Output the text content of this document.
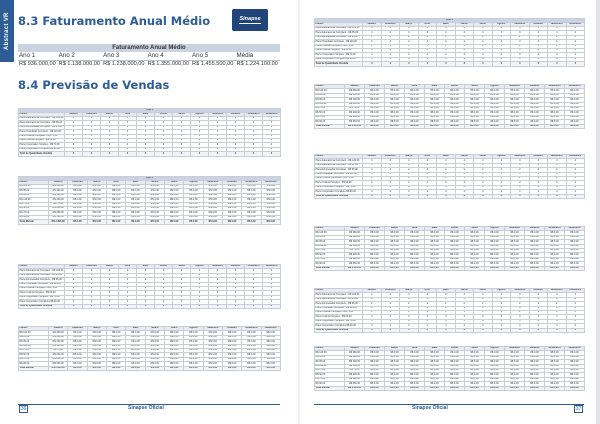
Abstract VR 8.3 Faturamento Anual Médio
8.4 Previsão de Vendas
Sinapse
Faturamento Anual Médio					
Ano 1	Ano 2	Ano 3	Ano 4	Ano 5	Média
R$ 936.000,00	R$ 1.138.000,00	R$ 1.238.000,00	R$ 1.355.000,00	R$ 1.455.500,00	R$ 1.224.100,00
Ano 1												
Planos	Janeiro	Fevereiro	Março	Abril	Maio	Junho	Julho	Agosto	Setembro	Outubro	Novembro	Dezembro
Plano Educacional Completo - R$ 120,00	4	4	4	4	4	4	4	4	4	4	4	4
Plano Educacional Completo - R$ 85,00	4	4	4	4	4	4	4	4	4	4	4	4
Plano Empresarial Completo - R$ 95,00	2	2	2	2	2	2	2	2	2	2	2	2
Plano Hospitalar Completo - R$ 110,00	4	4	4	4	4	4	4	4	4	4	4	4
Plano Cultural Completo - R$ 75,00	1	1	1	1	1	1	1	1	1	1	1	1
Plano Cultural Simples - R$ 50,00	4	4	4	4	4	4	4	4	4	4	4	4
Plano Corporativo Simples - R$ 70,00	4	4	4	4	4	4	4	4	4	4	4	4
Plano Corporativo Completo R$ 90,00	4	4	4	4	4	4	4	4	4	4	4	4
Total de Quantidade Vendida	4	4	4	4	4	4	4	4	4	4	4	4
Ano 1												
Planos	Janeiro	Fevereiro	Março	Abril	Maio	Junho	Julho	Agosto	Setembro	Outubro	Novembro	Dezembro
R$ 120,00	R$ 480,00	R$ 0,00	R$ 0,00	R$ 0,00	R$ 0,00	R$ 0,00	R$ 0,00	R$ 0,00	R$ 0,00	R$ 0,00	R$ 0,00	R$ 0,00
R$ 85,00	R$ 340,00	R$ 0,00	R$ 0,00	R$ 0,00	R$ 0,00	R$ 0,00	R$ 0,00	R$ 0,00	R$ 0,00	R$ 0,00	R$ 0,00	R$ 0,00
R$ 95,00	R$ 190,00	R$ 0,00	R$ 0,00	R$ 0,00	R$ 0,00	R$ 0,00	R$ 0,00	R$ 0,00	R$ 0,00	R$ 0,00	R$ 0,00	R$ 0,00
R$ 110,00	R$ 440,00	R$ 0,00	R$ 0,00	R$ 0,00	R$ 0,00	R$ 0,00	R$ 0,00	R$ 0,00	R$ 0,00	R$ 0,00	R$ 0,00	R$ 0,00
R$ 75,00	R$ 75,00	R$ 0,00	R$ 0,00	R$ 0,00	R$ 0,00	R$ 0,00	R$ 0,00	R$ 0,00	R$ 0,00	R$ 0,00	R$ 0,00	R$ 0,00
R$ 50,00	R$ 200,00	R$ 0,00	R$ 0,00	R$ 0,00	R$ 0,00	R$ 0,00	R$ 0,00	R$ 0,00	R$ 0,00	R$ 0,00	R$ 0,00	R$ 0,00
R$ 70,00	R$ 280,00	R$ 0,00	R$ 0,00	R$ 0,00	R$ 0,00	R$ 0,00	R$ 0,00	R$ 0,00	R$ 0,00	R$ 0,00	R$ 0,00	R$ 0,00
R$ 90,00	R$ 360,00	R$ 0,00	R$ 0,00	R$ 0,00	R$ 0,00	R$ 0,00	R$ 0,00	R$ 0,00	R$ 0,00	R$ 0,00	R$ 0,00	R$ 0,00
Total Mensal	R$ 2.365,00	R$ 0,00	R$ 0,00	R$ 0,00	R$ 0,00	R$ 0,00	R$ 0,00	R$ 0,00	R$ 0,00	R$ 0,00	R$ 0,00	R$ 0,00
Planos	Janeiro	Fevereiro	Março	Abril	Maio	Junho	Julho	Agosto	Setembro	Outubro	Novembro	Dezembro
Plano Educacional Completo - R$ 120,00	4	4	4	4	4	4	4	4	4	4	4	4
Plano Educacional Completo - R$ 85,00	4	4	4	4	4	4	4	4	4	4	4	4
Plano Empresarial Completo - R$ 95,00	2	2	2	2	2	2	2	2	2	2	2	2
Plano Hospitalar Completo - R$ 110,00	4	4	4	4	4	4	4	4	4	4	4	4
Plano Cultural Completo - R$ 75,00	1	1	1	1	1	1	1	1	1	1	1	1
Plano Cultural Simples - R$ 50,00	4	4	4	4	4	4	4	4	4	4	4	4
Plano Corporativo Simples - R$ 70,00	4	4	4	4	4	4	4	4	4	4	4	4
Plano Corporativo Completo R$ 90,00	4	4	4	4	4	4	4	4	4	4	4	4
Total de Quantidade Vendida	4	4	4	4	4	4	4	4	4	4	4	4
Planos	Janeiro	Fevereiro	Março	Abril	Maio	Junho	Julho	Agosto	Setembro	Outubro	Novembro	Dezembro
R$ 120,00	R$ 480,00	R$ 0,00	R$ 0,00	R$ 0,00	R$ 0,00	R$ 0,00	R$ 0,00	R$ 0,00	R$ 0,00	R$ 0,00	R$ 0,00	R$ 0,00
R$ 85,00	R$ 340,00	R$ 0,00	R$ 0,00	R$ 0,00	R$ 0,00	R$ 0,00	R$ 0,00	R$ 0,00	R$ 0,00	R$ 0,00	R$ 0,00	R$ 0,00
R$ 95,00	R$ 190,00	R$ 0,00	R$ 0,00	R$ 0,00	R$ 0,00	R$ 0,00	R$ 0,00	R$ 0,00	R$ 0,00	R$ 0,00	R$ 0,00	R$ 0,00
R$ 110,00	R$ 440,00	R$ 0,00	R$ 0,00	R$ 0,00	R$ 0,00	R$ 0,00	R$ 0,00	R$ 0,00	R$ 0,00	R$ 0,00	R$ 0,00	R$ 0,00
R$ 75,00	R$ 75,00	R$ 0,00	R$ 0,00	R$ 0,00	R$ 0,00	R$ 0,00	R$ 0,00	R$ 0,00	R$ 0,00	R$ 0,00	R$ 0,00	R$ 0,00
R$ 50,00	R$ 200,00	R$ 0,00	R$ 0,00	R$ 0,00	R$ 0,00	R$ 0,00	R$ 0,00	R$ 0,00	R$ 0,00	R$ 0,00	R$ 0,00	R$ 0,00
R$ 70,00	R$ 280,00	R$ 0,00	R$ 0,00	R$ 0,00	R$ 0,00	R$ 0,00	R$ 0,00	R$ 0,00	R$ 0,00	R$ 0,00	R$ 0,00	R$ 0,00
R$ 90,00	R$ 360,00	R$ 0,00	R$ 0,00	R$ 0,00	R$ 0,00	R$ 0,00	R$ 0,00	R$ 0,00	R$ 0,00	R$ 0,00	R$ 0,00	R$ 0,00
Total Mensal	R$ 2.365,00	R$ 0,00	R$ 0,00	R$ 0,00	R$ 0,00	R$ 0,00	R$ 0,00	R$ 0,00	R$ 0,00	R$ 0,00	R$ 0,00	R$ 0,00
Ano 1												
Planos	Janeiro	Fevereiro	Março	Abril	Maio	Junho	Julho	Agosto	Setembro	Outubro	Novembro	Dezembro
Plano Educacional Completo - R$ 120,00	4	4	4	4	4	4	4	4	4	4	4	4
Plano Educacional Completo - R$ 85,00	4	4	4	4	4	4	4	4	4	4	4	4
Plano Empresarial Completo - R$ 95,00	2	2	2	2	2	2	2	2	2	2	2	2
Plano Hospitalar Completo - R$ 110,00	4	4	4	4	4	4	4	4	4	4	4	4
Plano Cultural Completo - R$ 75,00	1	1	1	1	1	1	1	1	1	1	1	1
Plano Cultural Simples - R$ 50,00	4	4	4	4	4	4	4	4	4	4	4	4
Plano Corporativo Simples - R$ 70,00	4	4	4	4	4	4	4	4	4	4	4	4
Plano Corporativo Completo R$ 90,00	4	4	4	4	4	4	4	4	4	4	4	4
Total de Quantidade Vendida	4	4	4	4	4	4	4	4	4	4	4	4
Planos	Janeiro	Fevereiro	Março	Abril	Maio	Junho	Julho	Agosto	Setembro	Outubro	Novembro	Dezembro
R$ 120,00	R$ 480,00	R$ 0,00	R$ 0,00	R$ 0,00	R$ 0,00	R$ 0,00	R$ 0,00	R$ 0,00	R$ 0,00	R$ 0,00	R$ 0,00	R$ 0,00
R$ 85,00	R$ 340,00	R$ 0,00	R$ 0,00	R$ 0,00	R$ 0,00	R$ 0,00	R$ 0,00	R$ 0,00	R$ 0,00	R$ 0,00	R$ 0,00	R$ 0,00
R$ 95,00	R$ 190,00	R$ 0,00	R$ 0,00	R$ 0,00	R$ 0,00	R$ 0,00	R$ 0,00	R$ 0,00	R$ 0,00	R$ 0,00	R$ 0,00	R$ 0,00
R$ 110,00	R$ 440,00	R$ 0,00	R$ 0,00	R$ 0,00	R$ 0,00	R$ 0,00	R$ 0,00	R$ 0,00	R$ 0,00	R$ 0,00	R$ 0,00	R$ 0,00
R$ 75,00	R$ 75,00	R$ 0,00	R$ 0,00	R$ 0,00	R$ 0,00	R$ 0,00	R$ 0,00	R$ 0,00	R$ 0,00	R$ 0,00	R$ 0,00	R$ 0,00
R$ 50,00	R$ 200,00	R$ 0,00	R$ 0,00	R$ 0,00	R$ 0,00	R$ 0,00	R$ 0,00	R$ 0,00	R$ 0,00	R$ 0,00	R$ 0,00	R$ 0,00
R$ 70,00	R$ 280,00	R$ 0,00	R$ 0,00	R$ 0,00	R$ 0,00	R$ 0,00	R$ 0,00	R$ 0,00	R$ 0,00	R$ 0,00	R$ 0,00	R$ 0,00
R$ 90,00	R$ 360,00	R$ 0,00	R$ 0,00	R$ 0,00	R$ 0,00	R$ 0,00	R$ 0,00	R$ 0,00	R$ 0,00	R$ 0,00	R$ 0,00	R$ 0,00
Total Mensal	R$ 2.365,00	R$ 0,00	R$ 0,00	R$ 0,00	R$ 0,00	R$ 0,00	R$ 0,00	R$ 0,00	R$ 0,00	R$ 0,00	R$ 0,00	R$ 0,00
Planos	Janeiro	Fevereiro	Março	Abril	Maio	Junho	Julho	Agosto	Setembro	Outubro	Novembro	Dezembro
Plano Educacional Completo - R$ 120,00	4	4	4	4	4	4	4	4	4	4	4	4
Plano Educacional Completo - R$ 85,00	4	4	4	4	4	4	4	4	4	4	4	4
Plano Empresarial Completo - R$ 95,00	2	2	2	2	2	2	2	2	2	2	2	2
Plano Hospitalar Completo - R$ 110,00	4	4	4	4	4	4	4	4	4	4	4	4
Plano Cultural Completo - R$ 75,00	1	1	1	1	1	1	1	1	1	1	1	1
Plano Cultural Simples - R$ 50,00	4	4	4	4	4	4	4	4	4	4	4	4
Plano Corporativo Simples - R$ 70,00	4	4	4	4	4	4	4	4	4	4	4	4
Plano Corporativo Completo R$ 90,00	4	4	4	4	4	4	4	4	4	4	4	4
Total de Quantidade Vendida	4	4	4	4	4	4	4	4	4	4	4	4
Planos	Janeiro	Fevereiro	Março	Abril	Maio	Junho	Julho	Agosto	Setembro	Outubro	Novembro	Dezembro
R$ 120,00	R$ 480,00	R$ 0,00	R$ 0,00	R$ 0,00	R$ 0,00	R$ 0,00	R$ 0,00	R$ 0,00	R$ 0,00	R$ 0,00	R$ 0,00	R$ 0,00
R$ 85,00	R$ 340,00	R$ 0,00	R$ 0,00	R$ 0,00	R$ 0,00	R$ 0,00	R$ 0,00	R$ 0,00	R$ 0,00	R$ 0,00	R$ 0,00	R$ 0,00
R$ 95,00	R$ 190,00	R$ 0,00	R$ 0,00	R$ 0,00	R$ 0,00	R$ 0,00	R$ 0,00	R$ 0,00	R$ 0,00	R$ 0,00	R$ 0,00	R$ 0,00
R$ 110,00	R$ 440,00	R$ 0,00	R$ 0,00	R$ 0,00	R$ 0,00	R$ 0,00	R$ 0,00	R$ 0,00	R$ 0,00	R$ 0,00	R$ 0,00	R$ 0,00
R$ 75,00	R$ 75,00	R$ 0,00	R$ 0,00	R$ 0,00	R$ 0,00	R$ 0,00	R$ 0,00	R$ 0,00	R$ 0,00	R$ 0,00	R$ 0,00	R$ 0,00
R$ 50,00	R$ 200,00	R$ 0,00	R$ 0,00	R$ 0,00	R$ 0,00	R$ 0,00	R$ 0,00	R$ 0,00	R$ 0,00	R$ 0,00	R$ 0,00	R$ 0,00
R$ 70,00	R$ 280,00	R$ 0,00	R$ 0,00	R$ 0,00	R$ 0,00	R$ 0,00	R$ 0,00	R$ 0,00	R$ 0,00	R$ 0,00	R$ 0,00	R$ 0,00
R$ 90,00	R$ 360,00	R$ 0,00	R$ 0,00	R$ 0,00	R$ 0,00	R$ 0,00	R$ 0,00	R$ 0,00	R$ 0,00	R$ 0,00	R$ 0,00	R$ 0,00
Total Mensal	R$ 2.365,00	R$ 0,00	R$ 0,00	R$ 0,00	R$ 0,00	R$ 0,00	R$ 0,00	R$ 0,00	R$ 0,00	R$ 0,00	R$ 0,00	R$ 0,00
Planos	Janeiro	Fevereiro	Março	Abril	Maio	Junho	Julho	Agosto	Setembro	Outubro	Novembro	Dezembro
Plano Educacional Completo - R$ 120,00	4	4	4	4	4	4	4	4	4	4	4	4
Plano Educacional Completo - R$ 85,00	4	4	4	4	4	4	4	4	4	4	4	4
Plano Empresarial Completo - R$ 95,00	2	2	2	2	2	2	2	2	2	2	2	2
Plano Hospitalar Completo - R$ 110,00	4	4	4	4	4	4	4	4	4	4	4	4
Plano Cultural Completo - R$ 75,00	1	1	1	1	1	1	1	1	1	1	1	1
Plano Cultural Simples - R$ 50,00	4	4	4	4	4	4	4	4	4	4	4	4
Plano Corporativo Simples - R$ 70,00	4	4	4	4	4	4	4	4	4	4	4	4
Plano Corporativo Completo R$ 90,00	4	4	4	4	4	4	4	4	4	4	4	4
Total de Quantidade Vendida	4	4	4	4	4	4	4	4	4	4	4	4
Planos	Janeiro	Fevereiro	Março	Abril	Maio	Junho	Julho	Agosto	Setembro	Outubro	Novembro	Dezembro
R$ 120,00	R$ 480,00	R$ 0,00	R$ 0,00	R$ 0,00	R$ 0,00	R$ 0,00	R$ 0,00	R$ 0,00	R$ 0,00	R$ 0,00	R$ 0,00	R$ 0,00
R$ 85,00	R$ 340,00	R$ 0,00	R$ 0,00	R$ 0,00	R$ 0,00	R$ 0,00	R$ 0,00	R$ 0,00	R$ 0,00	R$ 0,00	R$ 0,00	R$ 0,00
R$ 95,00	R$ 190,00	R$ 0,00	R$ 0,00	R$ 0,00	R$ 0,00	R$ 0,00	R$ 0,00	R$ 0,00	R$ 0,00	R$ 0,00	R$ 0,00	R$ 0,00
R$ 110,00	R$ 440,00	R$ 0,00	R$ 0,00	R$ 0,00	R$ 0,00	R$ 0,00	R$ 0,00	R$ 0,00	R$ 0,00	R$ 0,00	R$ 0,00	R$ 0,00
R$ 75,00	R$ 75,00	R$ 0,00	R$ 0,00	R$ 0,00	R$ 0,00	R$ 0,00	R$ 0,00	R$ 0,00	R$ 0,00	R$ 0,00	R$ 0,00	R$ 0,00
R$ 50,00	R$ 200,00	R$ 0,00	R$ 0,00	R$ 0,00	R$ 0,00	R$ 0,00	R$ 0,00	R$ 0,00	R$ 0,00	R$ 0,00	R$ 0,00	R$ 0,00
R$ 70,00	R$ 280,00	R$ 0,00	R$ 0,00	R$ 0,00	R$ 0,00	R$ 0,00	R$ 0,00	R$ 0,00	R$ 0,00	R$ 0,00	R$ 0,00	R$ 0,00
R$ 90,00	R$ 360,00	R$ 0,00	R$ 0,00	R$ 0,00	R$ 0,00	R$ 0,00	R$ 0,00	R$ 0,00	R$ 0,00	R$ 0,00	R$ 0,00	R$ 0,00
Total Mensal	R$ 2.365,00	R$ 0,00	R$ 0,00	R$ 0,00	R$ 0,00	R$ 0,00	R$ 0,00	R$ 0,00	R$ 0,00	R$ 0,00	R$ 0,00	R$ 0,00
36	Sinapse Oficial	Sinapse Oficial	37
